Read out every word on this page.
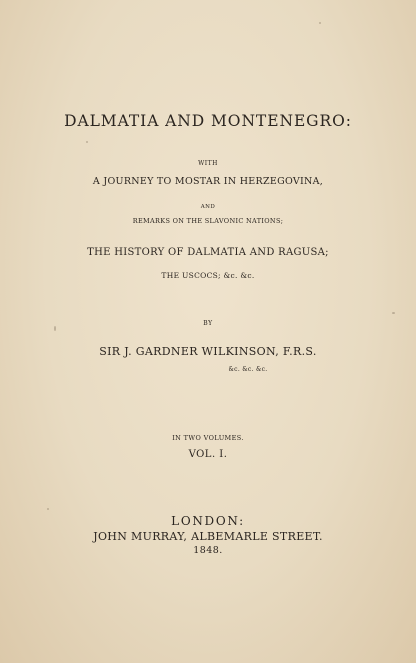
DALMATIA AND MONTENEGRO:
WITH
A JOURNEY TO MOSTAR IN HERZEGOVINA,
AND
REMARKS ON THE SLAVONIC NATIONS;
THE HISTORY OF DALMATIA AND RAGUSA;
THE USCOCS; &c. &c.
BY
SIR J. GARDNER WILKINSON, F.R.S.
&c. &c. &c.
IN TWO VOLUMES.
VOL. I.
LONDON:
JOHN MURRAY, ALBEMARLE STREET.
1848.
